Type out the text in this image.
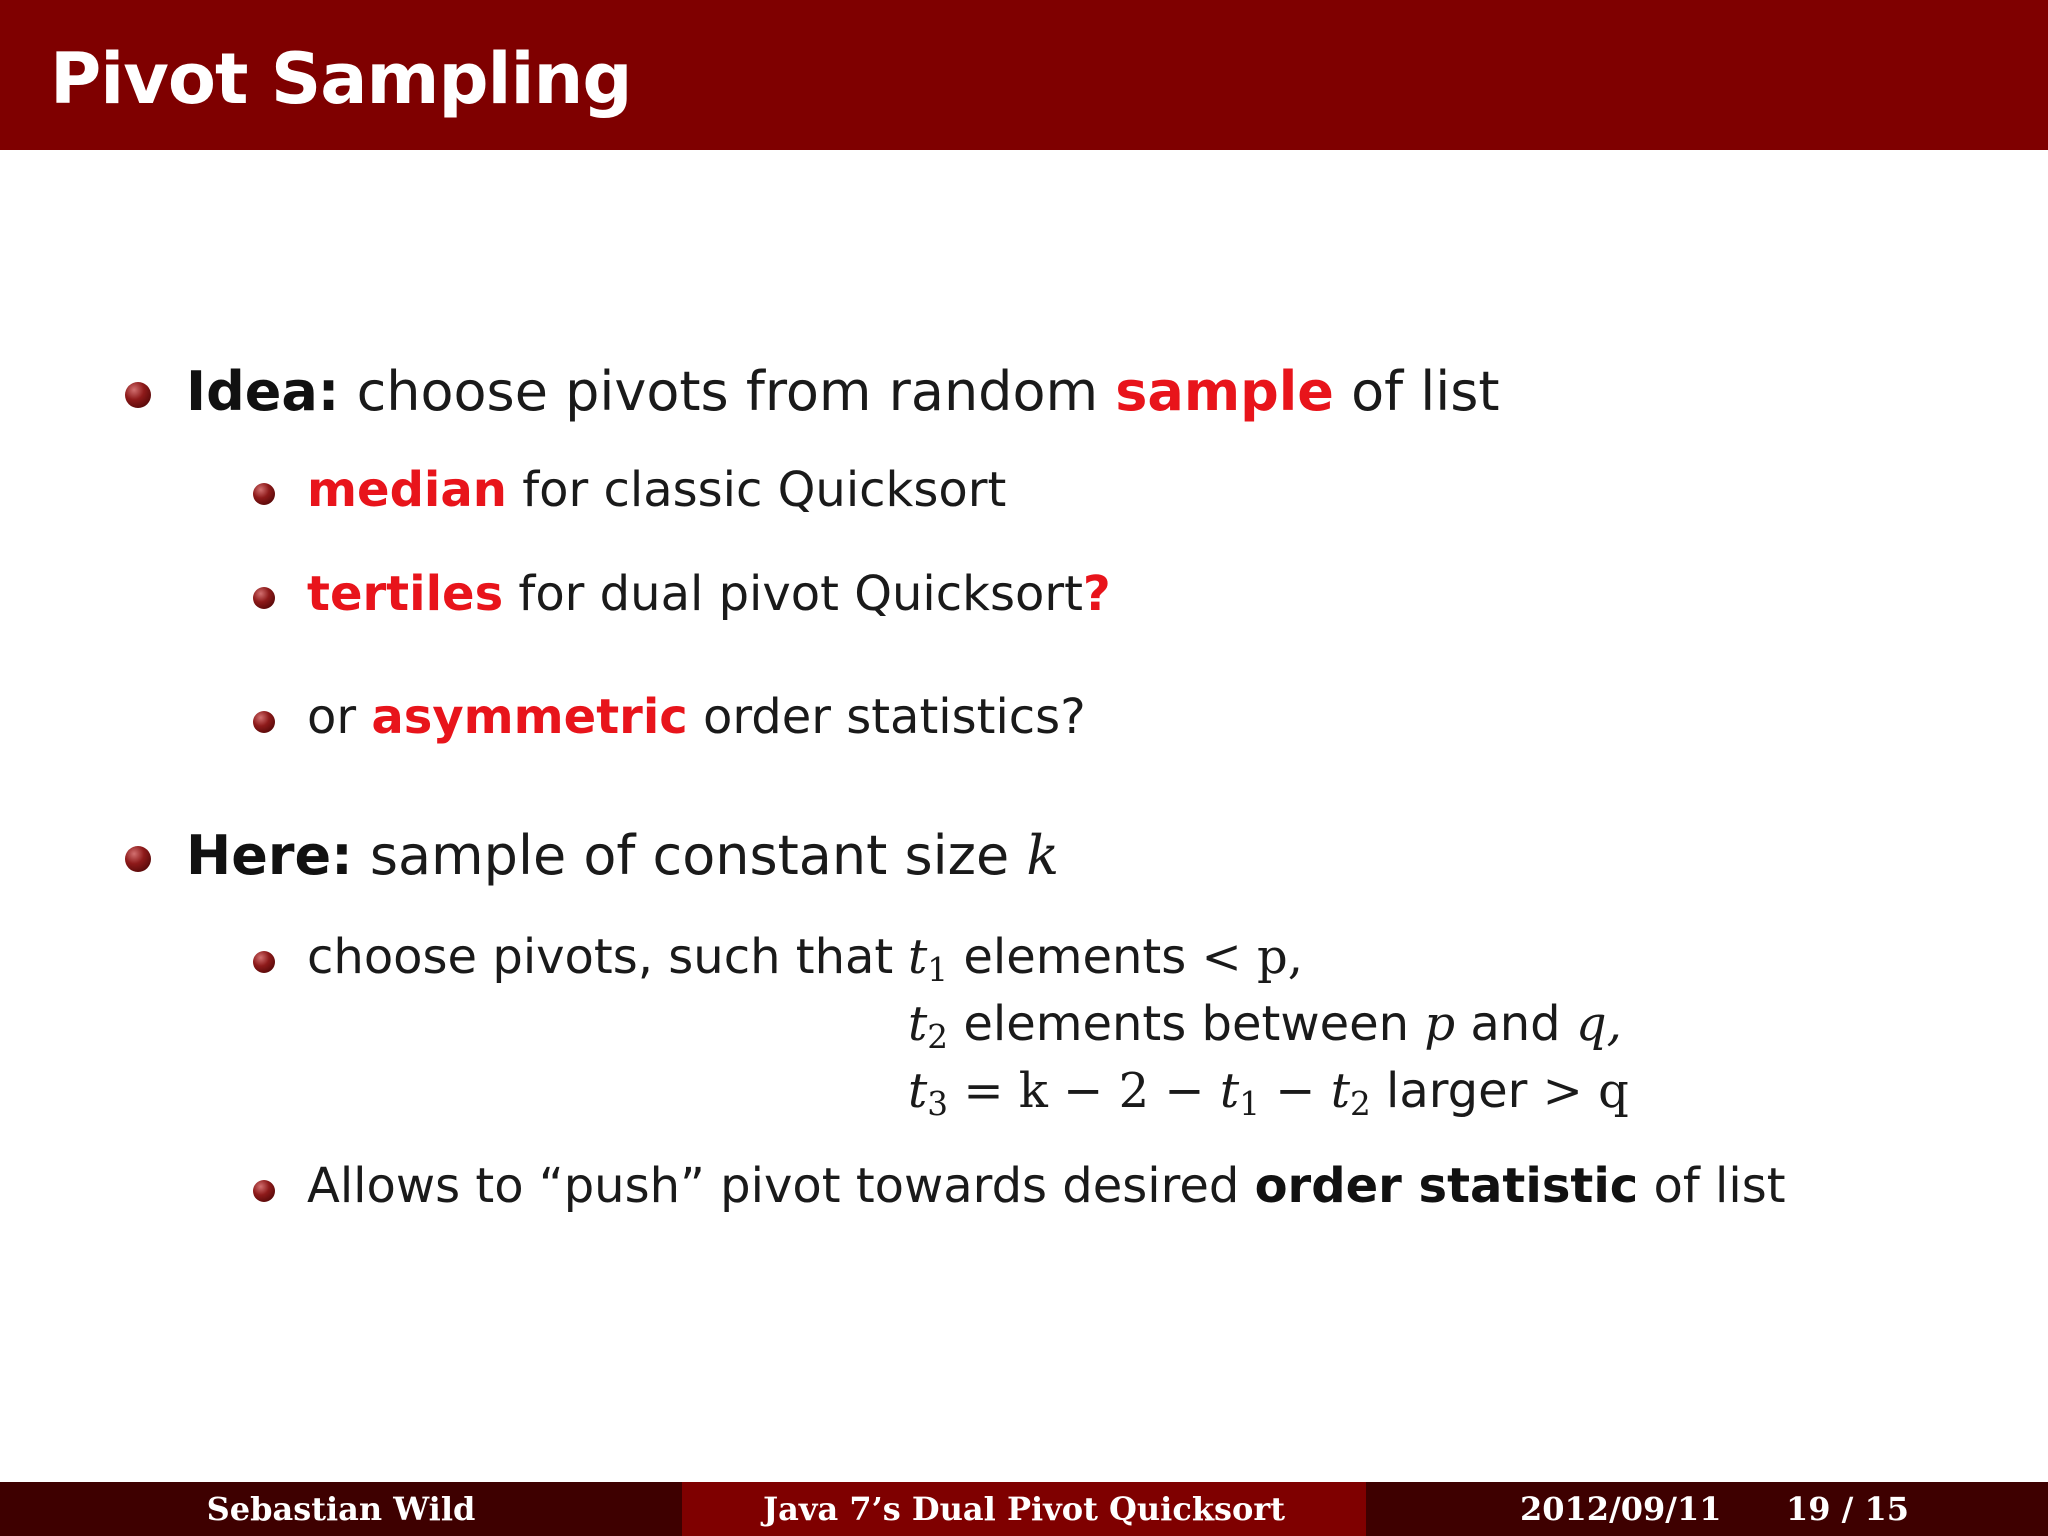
Pivot Sampling
Idea: choose pivots from random sample of list
median for classic Quicksort
tertiles for dual pivot Quicksort?
or asymmetric order statistics?
Here: sample of constant size k
choose pivots, such that $t_1$ elements < p,
$t_2$ elements between p and q,
$t_3 = k - 2 - t_1 - t_2$ larger > q
Allows to “push” pivot towards desired order statistic of list
Sebastian Wild	Java 7’s Dual Pivot Quicksort	2012/09/11 19 / 15
